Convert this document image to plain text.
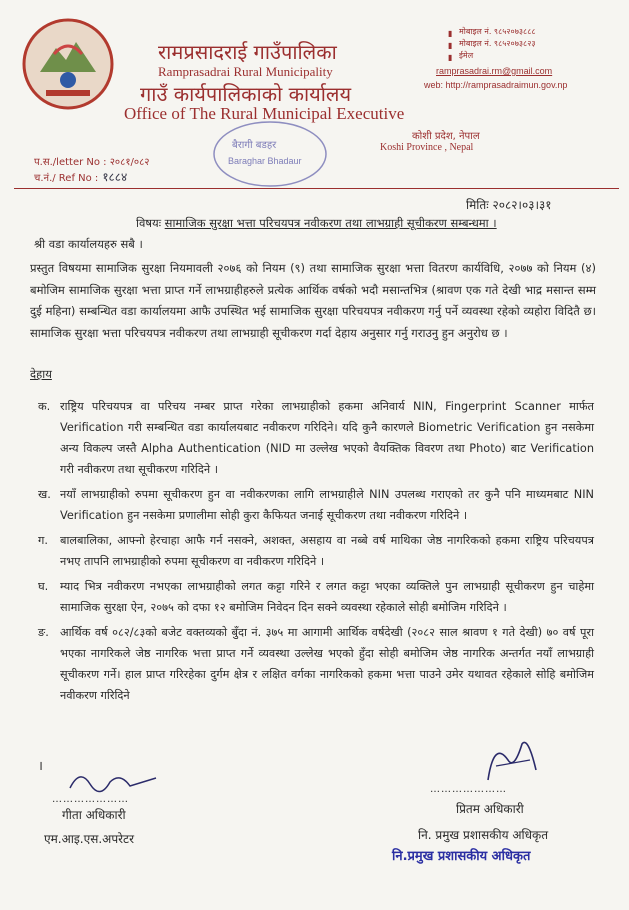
रामप्रसादराई गाउँपालिका
Ramprasadrai Rural Municipality
गाउँ कार्यपालिकाको कार्यालय
Office of The Rural Municipal Executive
▮ मोबाइल नं. ९८५२०७३८८८
▮ मोबाइल नं. ९८५२०७३८२३
▮ ईमेल
ramprasadrai.rm@gmail.com
web: http://ramprasadraimun.gov.np
बैरागी बडहर
Baraghar Bhadaur
कोशी प्रदेश, नेपाल
Koshi Province , Nepal
प.स./letter No : २०८१/०८२
च.नं./ Ref No : १८८४
मितिः २०८२।०३।३१
विषयः सामाजिक सुरक्षा भत्ता परिचयपत्र नवीकरण तथा लाभग्राही सूचीकरण सम्बन्धमा ।
श्री वडा कार्यालयहरु सबै ।
प्रस्तुत विषयमा सामाजिक सुरक्षा नियमावली २०७६ को नियम (९) तथा सामाजिक सुरक्षा भत्ता वितरण कार्यविधि, २०७७ को नियम (४) बमोजिम सामाजिक सुरक्षा भत्ता प्राप्त गर्ने लाभग्राहीहरुले प्रत्येक आर्थिक वर्षको भदौ मसान्तभित्र (श्रावण एक गते देखी भाद्र मसान्त सम्म दुई महिना) सम्बन्धित वडा कार्यालयमा आफै उपस्थित भई सामाजिक सुरक्षा परिचयपत्र नवीकरण गर्नु पर्ने व्यवस्था रहेको व्यहोरा विदितै छ। सामाजिक सुरक्षा भत्ता परिचयपत्र नवीकरण तथा लाभग्राही सूचीकरण गर्दा देहाय अनुसार गर्नु गराउनु हुन अनुरोध छ ।
देहाय
क. राष्ट्रिय परिचयपत्र वा परिचय नम्बर प्राप्त गरेका लाभग्राहीको हकमा अनिवार्य NIN, Fingerprint Scanner मार्फत Verification गरी सम्बन्धित वडा कार्यालयबाट नवीकरण गरिदिने। यदि कुनै कारणले Biometric Verification हुन नसकेमा अन्य विकल्प जस्तै Alpha Authentication (NID मा उल्लेख भएको वैयक्तिक विवरण तथा Photo) बाट Verification गरी नवीकरण तथा सूचीकरण गरिदिने ।
ख. नयाँ लाभग्राहीको रुपमा सूचीकरण हुन वा नवीकरणका लागि लाभग्राहीले NIN उपलब्ध गराएको तर कुनै पनि माध्यमबाट NIN Verification हुन नसकेमा प्रणालीमा सोही कुरा कैफियत जनाई सूचीकरण तथा नवीकरण गरिदिने ।
ग.	बालबालिका, आफ्नो हेरचाहा आफै गर्न नसक्ने, अशक्त, असहाय वा नब्बे वर्ष माथिका जेष्ठ नागरिकको हकमा राष्ट्रिय परिचयपत्र नभए तापनि लाभग्राहीको रुपमा सूचीकरण वा नवीकरण गरिदिने ।
घ.	म्याद भित्र नवीकरण नभएका लाभग्राहीको लगत कट्टा गरिने र लगत कट्टा भएका व्यक्तिले पुन लाभग्राही सूचीकरण हुन चाहेमा सामाजिक सुरक्षा ऐन, २०७५ को दफा १२ बमोजिम निवेदन दिन सक्ने व्यवस्था रहेकाले सोही बमोजिम गरिदिने ।
ङ. आर्थिक वर्ष ०८२/८३को बजेट वक्तव्यको बुँदा नं. ३७५ मा आगामी आर्थिक वर्षदेखी (२०८२ साल श्रावण १ गते देखी) ७० वर्ष पूरा भएका नागरिकले जेष्ठ नागरिक भत्ता प्राप्त गर्ने व्यवस्था उल्लेख भएको हुँदा सोही बमोजिम जेष्ठ नागरिक अन्तर्गत नयाँ लाभग्राही सूचीकरण गर्ने। हाल प्राप्त गरिरहेका दुर्गम क्षेत्र र लक्षित वर्गका नागरिकको हकमा भत्ता पाउने उमेर यथावत रहेकाले सोहि बमोजिम नवीकरण गरिदिने
।
…………………
गीता अधिकारी
एम.आइ.एस.अपरेटर
…………………
प्रितम अधिकारी
नि. प्रमुख प्रशासकीय अधिकृत
नि.प्रमुख प्रशासकीय अधिकृत
